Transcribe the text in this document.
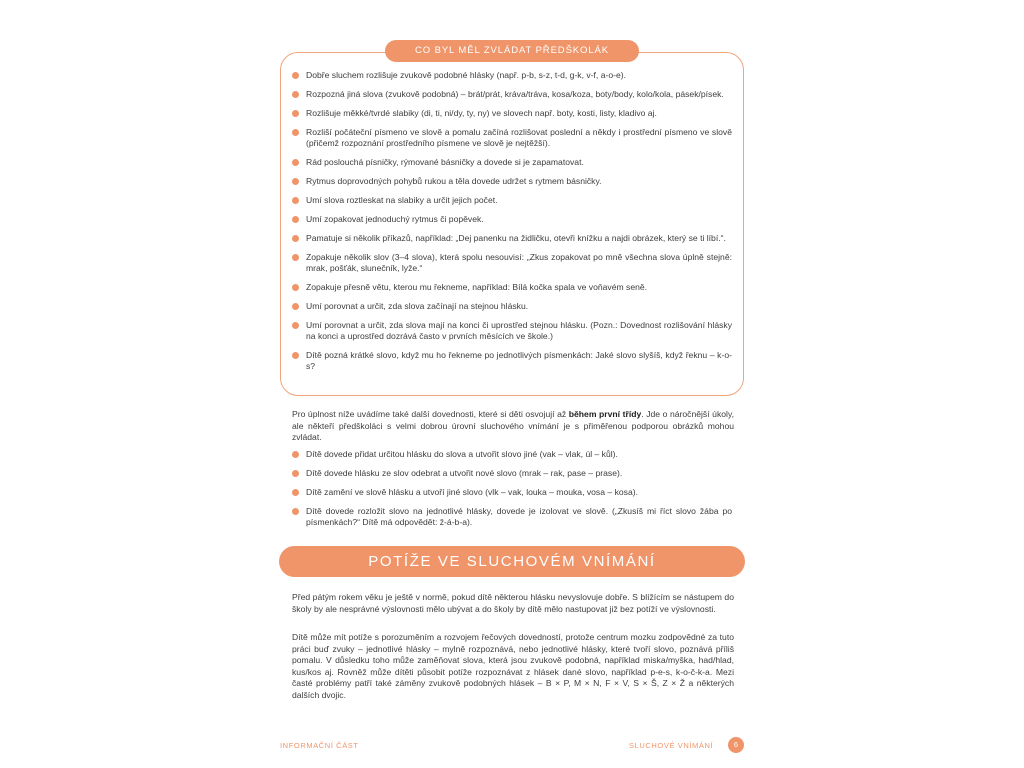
CO BYL MĚL ZVLÁDAT PŘEDŠKOLÁK
Dobře sluchem rozlišuje zvukově podobné hlásky (např. p-b, s-z, t-d, g-k, v-f, a-o-e).
Rozpozná jiná slova (zvukově podobná) – brát/prát, kráva/tráva, kosa/koza, boty/body, kolo/kola, pásek/písek.
Rozlišuje měkké/tvrdé slabiky (di, ti, ni/dy, ty, ny) ve slovech např. boty, kosti, listy, kladivo aj.
Rozliší počáteční písmeno ve slově a pomalu začíná rozlišovat poslední a někdy i prostřední písmeno ve slově (přičemž rozpoznání prostředního písmene ve slově je nejtěžší).
Rád poslouchá písničky, rýmované básničky a dovede si je zapamatovat.
Rytmus doprovodných pohybů rukou a těla dovede udržet s rytmem básničky.
Umí slova roztleskat na slabiky a určit jejich počet.
Umí zopakovat jednoduchý rytmus či popěvek.
Pamatuje si několik příkazů, například: „Dej panenku na židličku, otevři knížku a najdi obrázek, který se ti líbí.“.
Zopakuje několik slov (3–4 slova), která spolu nesouvisí: „Zkus zopakovat po mně všechna slova úplně stejně: mrak, pošťák, slunečník, lyže.“
Zopakuje přesně větu, kterou mu řekneme, například: Bílá kočka spala ve voňavém seně.
Umí porovnat a určit, zda slova začínají na stejnou hlásku.
Umí porovnat a určit, zda slova mají na konci či uprostřed stejnou hlásku. (Pozn.: Dovednost rozlišování hlásky na konci a uprostřed dozrává často v prvních měsících ve škole.)
Dítě pozná krátké slovo, když mu ho řekneme po jednotlivých písmenkách: Jaké slovo slyšíš, když řeknu – k-o-s?

Pro úplnost níže uvádíme také další dovednosti, které si děti osvojují až během první třídy. Jde o náročnější úkoly, ale někteří předškoláci s velmi dobrou úrovní sluchového vnímání je s přiměřenou podporou obrázků mohou zvládat.

Dítě dovede přidat určitou hlásku do slova a utvořit slovo jiné (vak – vlak, úl – kůl).
Dítě dovede hlásku ze slov odebrat a utvořit nové slovo (mrak – rak, pase – prase).
Dítě zamění ve slově hlásku a utvoří jiné slovo (vlk – vak, louka – mouka, vosa – kosa).
Dítě dovede rozložit slovo na jednotlivé hlásky, dovede je izolovat ve slově. („Zkusíš mi říct slovo žába po písmenkách?“ Dítě má odpovědět: ž-á-b-a).
POTÍŽE VE SLUCHOVÉM VNÍMÁNÍ

Před pátým rokem věku je ještě v normě, pokud dítě některou hlásku nevyslovuje dobře. S blížícím se nástupem do školy by ale nesprávné výslovnosti mělo ubývat a do školy by dítě mělo nastupovat již bez potíží ve výslovnosti.

Dítě může mít potíže s porozuměním a rozvojem řečových dovedností, protože centrum mozku zodpovědné za tuto práci buď zvuky – jednotlivé hlásky – mylně rozpoznává, nebo jednotlivé hlásky, které tvoří slovo, poznává příliš pomalu. V důsledku toho může zaměňovat slova, která jsou zvukově podobná, například miska/myška, had/hlad, kus/kos aj. Rovněž může dítěti působit potíže rozpoznávat z hlásek dané slovo, například p-e-s, k-o-č-k-a. Mezi časté problémy patří také záměny zvukově podobných hlásek – B × P, M × N, F × V, S × Š, Z × Ž a některých dalších dvojic.

INFORMAČNÍ ČÁST	SLUCHOVÉ VNÍMÁNÍ	6
